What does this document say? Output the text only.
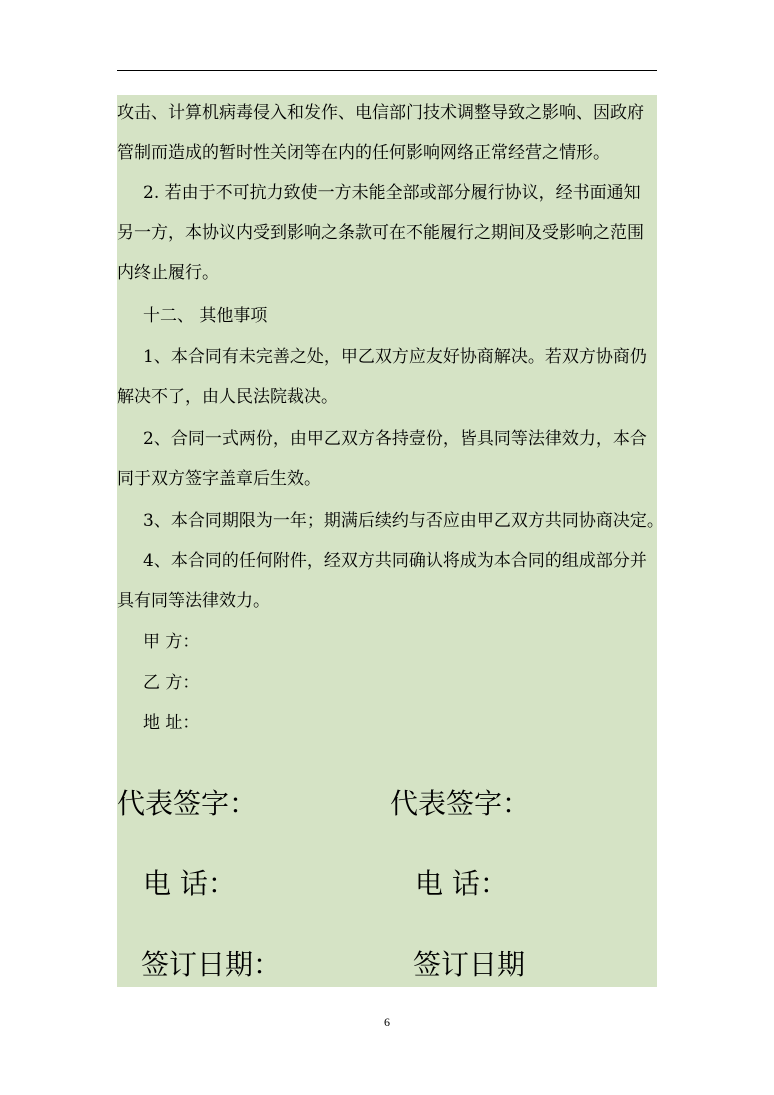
攻击、计算机病毒侵入和发作、电信部门技术调整导致之影响、因政府
管制而造成的暂时性关闭等在内的任何影响网络正常经营之情形。
2. 若由于不可抗力致使一方未能全部或部分履行协议，经书面通知
另一方，本协议内受到影响之条款可在不能履行之期间及受影响之范围
内终止履行。
十二、 其他事项
1、本合同有未完善之处，甲乙双方应友好协商解决。若双方协商仍
解决不了，由人民法院裁决。
2、合同一式两份，由甲乙双方各持壹份，皆具同等法律效力，本合
同于双方签字盖章后生效。
3、本合同期限为一年；期满后续约与否应由甲乙双方共同协商决定。
4、本合同的任何附件，经双方共同确认将成为本合同的组成部分并
具有同等法律效力。
甲 方：
乙 方：
地 址：
代表签字：	代表签字：
电 话：	电 话：
签订日期：	签订日期
6
